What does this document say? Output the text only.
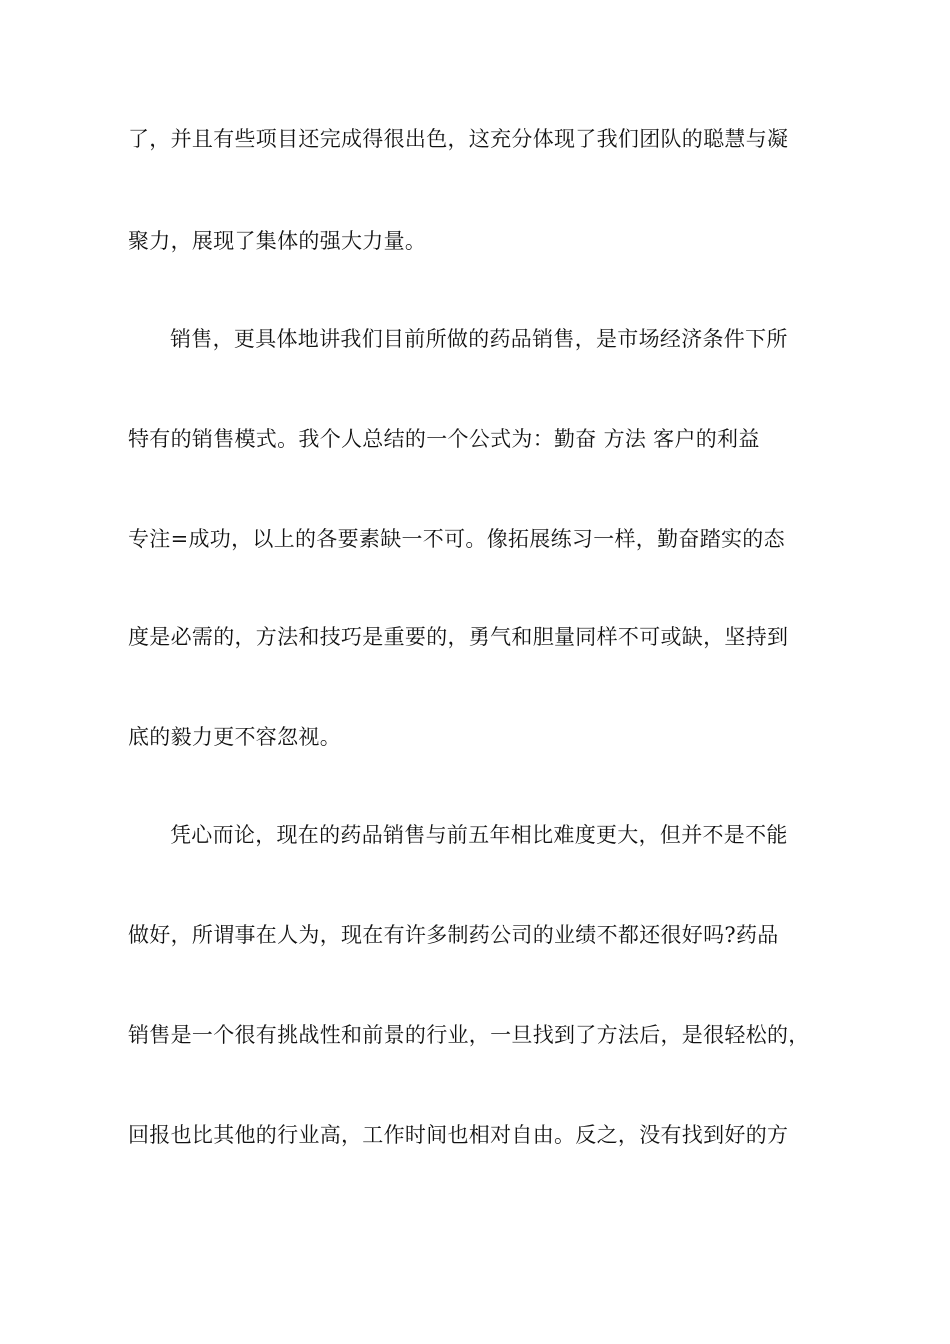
了，并且有些项目还完成得很出色，这充分体现了我们团队的聪慧与凝
聚力，展现了集体的强大力量。
销售，更具体地讲我们目前所做的药品销售，是市场经济条件下所
特有的销售模式。我个人总结的一个公式为：勤奋 方法 客户的利益
专注=成功，以上的各要素缺一不可。像拓展练习一样，勤奋踏实的态
度是必需的，方法和技巧是重要的，勇气和胆量同样不可或缺，坚持到
底的毅力更不容忽视。
凭心而论，现在的药品销售与前五年相比难度更大，但并不是不能
做好，所谓事在人为，现在有许多制药公司的业绩不都还很好吗?药品
销售是一个很有挑战性和前景的行业，一旦找到了方法后，是很轻松的，
回报也比其他的行业高，工作时间也相对自由。反之，没有找到好的方
